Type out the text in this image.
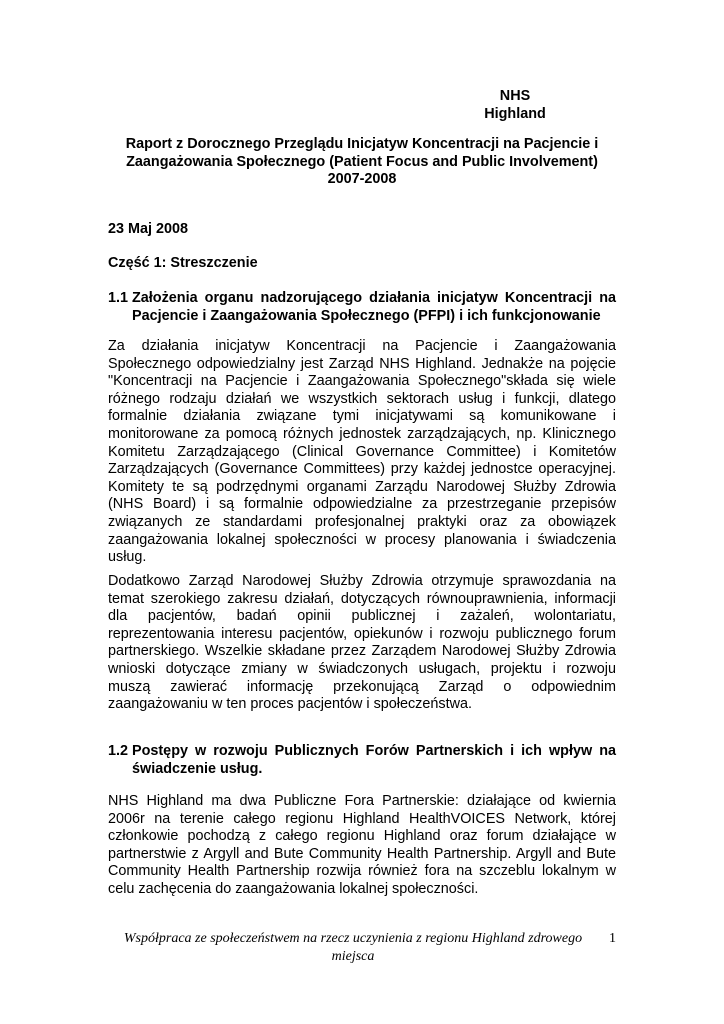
NHS
Highland
Raport z Dorocznego Przeglądu Inicjatyw Koncentracji na Pacjencie i
Zaangażowania Społecznego (Patient Focus and Public Involvement)
2007-2008
23 Maj 2008
Część 1: Streszczenie
1.1 Założenia organu nadzorującego działania inicjatyw Koncentracji na
Pacjencie i Zaangażowania Społecznego (PFPI) i ich funkcjonowanie
Za działania inicjatyw Koncentracji na Pacjencie i Zaangażowania
Społecznego odpowiedzialny jest Zarząd NHS Highland. Jednakże na pojęcie
"Koncentracji na Pacjencie i Zaangażowania Społecznego"składa się wiele
różnego rodzaju działań we wszystkich sektorach usług i funkcji, dlatego
formalnie działania związane tymi inicjatywami są komunikowane i
monitorowane za pomocą różnych jednostek zarządzających, np. Klinicznego
Komitetu Zarządzającego (Clinical Governance Committee) i Komitetów
Zarządzających (Governance Committees) przy każdej jednostce operacyjnej.
Komitety te są podrzędnymi organami Zarządu Narodowej Służby Zdrowia
(NHS Board) i są formalnie odpowiedzialne za przestrzeganie przepisów
związanych ze standardami profesjonalnej praktyki oraz za obowiązek
zaangażowania lokalnej społeczności w procesy planowania i świadczenia
usług.
Dodatkowo Zarząd Narodowej Służby Zdrowia otrzymuje sprawozdania na
temat szerokiego zakresu działań, dotyczących równouprawnienia, informacji
dla pacjentów, badań opinii publicznej i zażaleń, wolontariatu,
reprezentowania interesu pacjentów, opiekunów i rozwoju publicznego forum
partnerskiego. Wszelkie składane przez Zarządem Narodowej Służby Zdrowia
wnioski dotyczące zmiany w świadczonych usługach, projektu i rozwoju
muszą zawierać informację przekonującą Zarząd o odpowiednim
zaangażowaniu w ten proces pacjentów i społeczeństwa.
1.2 Postępy w rozwoju Publicznych Forów Partnerskich i ich wpływ na
świadczenie usług.
NHS Highland ma dwa Publiczne Fora Partnerskie: działające od kwiernia
2006r na terenie całego regionu Highland HealthVOICES Network, której
członkowie pochodzą z całego regionu Highland oraz forum działające w
partnerstwie z Argyll and Bute Community Health Partnership. Argyll and Bute
Community Health Partnership rozwija również fora na szczeblu lokalnym w
celu zachęcenia do zaangażowania lokalnej społeczności.
Współpraca ze społeczeństwem na rzecz uczynienia z regionu Highland zdrowego miejsca
1
